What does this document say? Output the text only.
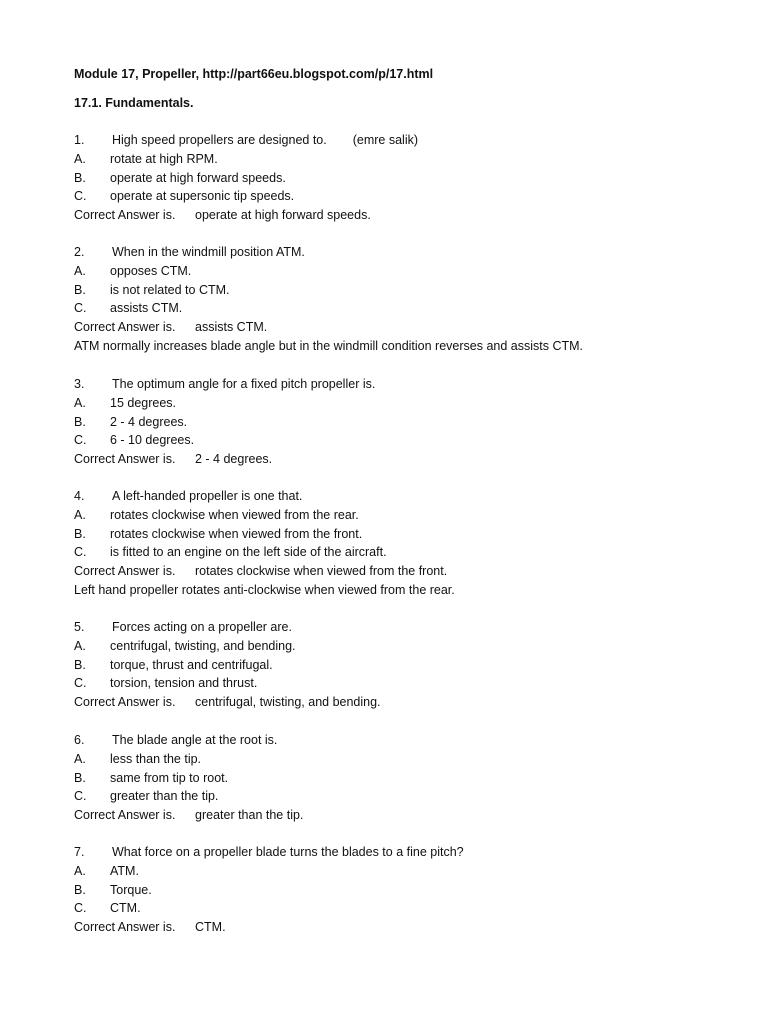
Module 17, Propeller, http://part66eu.blogspot.com/p/17.html
17.1. Fundamentals.
1. High speed propellers are designed to. (emre salik)
A. rotate at high RPM.
B. operate at high forward speeds.
C. operate at supersonic tip speeds.
Correct Answer is. operate at high forward speeds.
2. When in the windmill position ATM.
A. opposes CTM.
B. is not related to CTM.
C. assists CTM.
Correct Answer is. assists CTM.
ATM normally increases blade angle but in the windmill condition reverses and assists CTM.
3. The optimum angle for a fixed pitch propeller is.
A. 15 degrees.
B. 2 - 4 degrees.
C. 6 - 10 degrees.
Correct Answer is. 2 - 4 degrees.
4. A left-handed propeller is one that.
A. rotates clockwise when viewed from the rear.
B. rotates clockwise when viewed from the front.
C. is fitted to an engine on the left side of the aircraft.
Correct Answer is. rotates clockwise when viewed from the front.
Left hand propeller rotates anti-clockwise when viewed from the rear.
5. Forces acting on a propeller are.
A. centrifugal, twisting, and bending.
B. torque, thrust and centrifugal.
C. torsion, tension and thrust.
Correct Answer is. centrifugal, twisting, and bending.
6. The blade angle at the root is.
A. less than the tip.
B. same from tip to root.
C. greater than the tip.
Correct Answer is. greater than the tip.
7. What force on a propeller blade turns the blades to a fine pitch?
A. ATM.
B. Torque.
C. CTM.
Correct Answer is. CTM.
